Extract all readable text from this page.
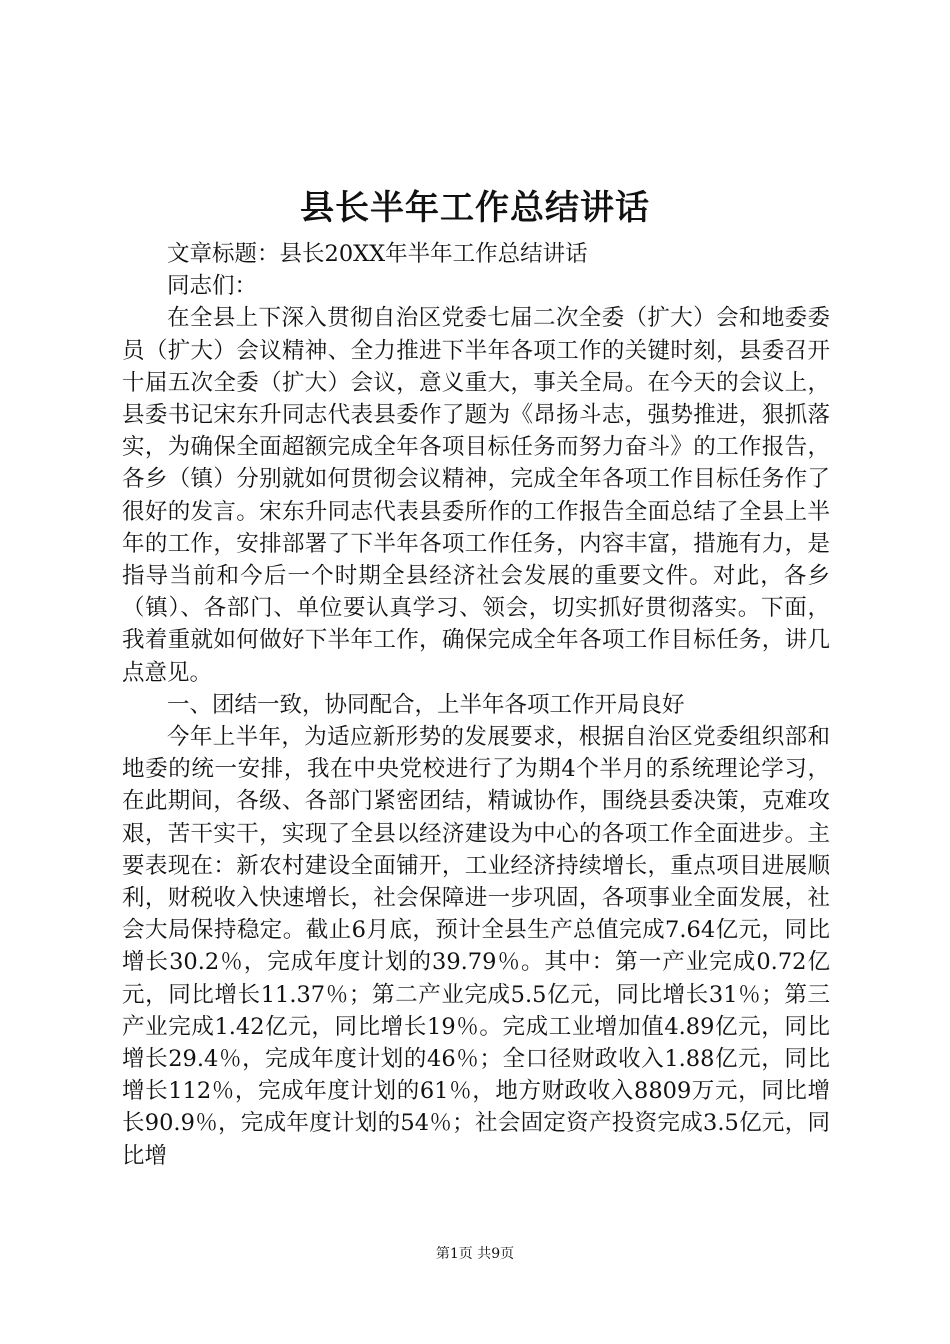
县长半年工作总结讲话

文章标题：县长20XX年半年工作总结讲话

同志们：

在全县上下深入贯彻自治区党委七届二次全委（扩大）会和地委委员（扩大）会议精神、全力推进下半年各项工作的关键时刻，县委召开十届五次全委（扩大）会议，意义重大，事关全局。在今天的会议上，县委书记宋东升同志代表县委作了题为《昂扬斗志，强势推进，狠抓落实，为确保全面超额完成全年各项目标任务而努力奋斗》的工作报告，各乡（镇）分别就如何贯彻会议精神，完成全年各项工作目标任务作了很好的发言。宋东升同志代表县委所作的工作报告全面总结了全县上半年的工作，安排部署了下半年各项工作任务，内容丰富，措施有力，是指导当前和今后一个时期全县经济社会发展的重要文件。对此，各乡（镇）、各部门、单位要认真学习、领会，切实抓好贯彻落实。下面，我着重就如何做好下半年工作，确保完成全年各项工作目标任务，讲几点意见。

一、团结一致，协同配合，上半年各项工作开局良好

今年上半年，为适应新形势的发展要求，根据自治区党委组织部和地委的统一安排，我在中央党校进行了为期4个半月的系统理论学习，在此期间，各级、各部门紧密团结，精诚协作，围绕县委决策，克难攻艰，苦干实干，实现了全县以经济建设为中心的各项工作全面进步。主要表现在：新农村建设全面铺开，工业经济持续增长，重点项目进展顺利，财税收入快速增长，社会保障进一步巩固，各项事业全面发展，社会大局保持稳定。截止6月底，预计全县生产总值完成7.64亿元，同比增长30.2％，完成年度计划的39.79％。其中：第一产业完成0.72亿元，同比增长11.37％；第二产业完成5.5亿元，同比增长31％；第三产业完成1.42亿元，同比增长19％。完成工业增加值4.89亿元，同比增长29.4％，完成年度计划的46％；全口径财政收入1.88亿元，同比增长112％，完成年度计划的61％，地方财政收入8809万元，同比增长90.9％，完成年度计划的54％；社会固定资产投资完成3.5亿元，同比增

第1页 共9页
